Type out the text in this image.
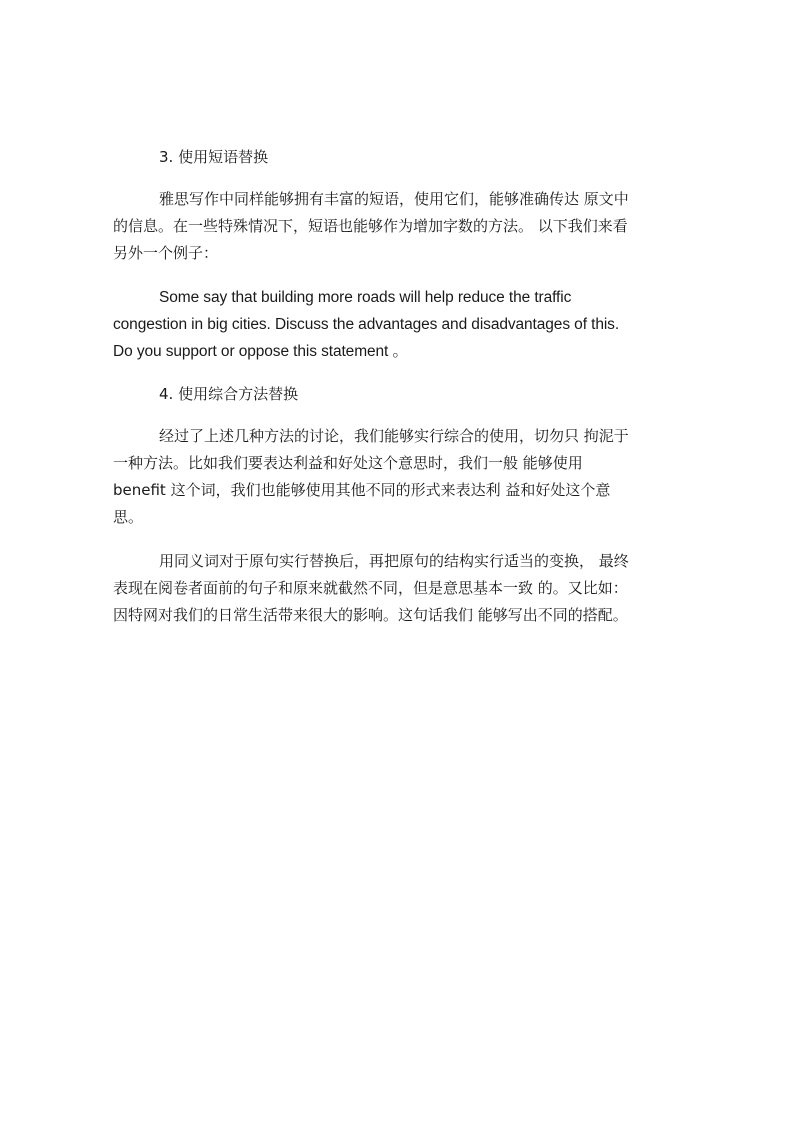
3. 使用短语替换
雅思写作中同样能够拥有丰富的短语，使用它们，能够准确传达 原文中
的信息。在一些特殊情况下，短语也能够作为增加字数的方法。 以下我们来看
另外一个例子：
Some say that building more roads will help reduce the traffic
congestion in big cities. Discuss the advantages and disadvantages of this.
Do you support or oppose this statement 。
4. 使用综合方法替换
经过了上述几种方法的讨论，我们能够实行综合的使用，切勿只 拘泥于
一种方法。比如我们要表达利益和好处这个意思时，我们一般 能够使用
benefit 这个词，我们也能够使用其他不同的形式来表达利 益和好处这个意
思。
用同义词对于原句实行替换后，再把原句的结构实行适当的变换， 最终
表现在阅卷者面前的句子和原来就截然不同，但是意思基本一致 的。又比如：
因特网对我们的日常生活带来很大的影响。这句话我们 能够写出不同的搭配。
